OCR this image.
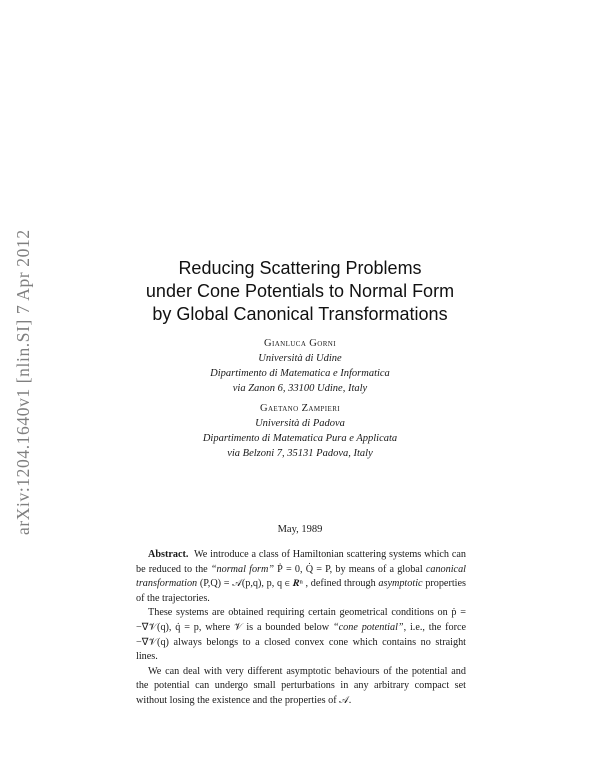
arXiv:1204.1640v1 [nlin.SI] 7 Apr 2012	Reducing Scattering Problems
under Cone Potentials to Normal Form
by Global Canonical Transformations
Gianluca Gorni
Università di Udine
Dipartimento di Matematica e Informatica
via Zanon 6, 33100 Udine, Italy
Gaetano Zampieri
Università di Padova
Dipartimento di Matematica Pura e Applicata
via Belzoni 7, 35131 Padova, Italy
May, 1989

Abstract. We introduce a class of Hamiltonian scattering systems which can be reduced to the “normal form” Ṗ = 0, Q̇ = P, by means of a global canonical transformation (P,Q) = 𝒜(p,q), p, q ∈ 𝑹ⁿ , defined through asymptotic properties of the trajectories.

These systems are obtained requiring certain geometrical conditions on ṗ = −∇𝒱(q), q̇ = p, where 𝒱 is a bounded below “cone potential”, i.e., the force −∇𝒱(q) always belongs to a closed convex cone which contains no straight lines.

We can deal with very different asymptotic behaviours of the potential and the potential can undergo small perturbations in any arbitrary compact set without losing the existence and the properties of 𝒜.
